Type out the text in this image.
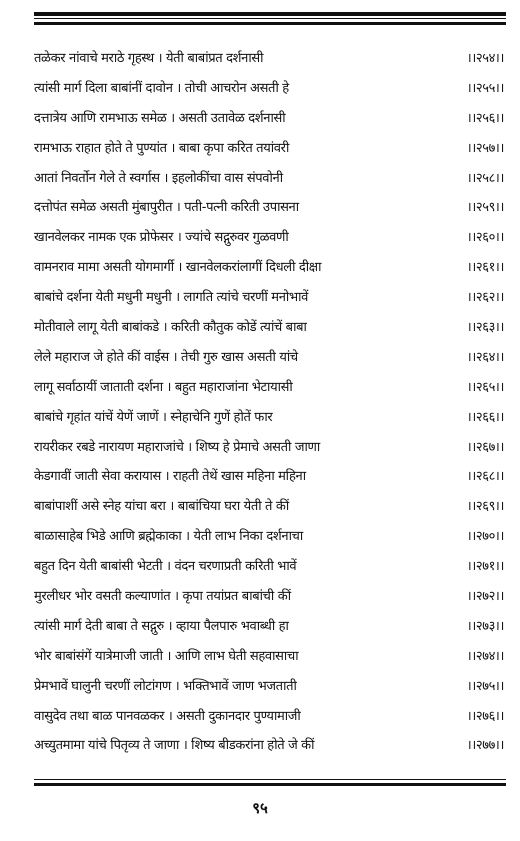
तळेकर नांवाचे मराठे गृहस्थ । येती बाबांप्रत दर्शनासी	।।२५४।।
त्यांसी मार्ग दिला बाबांनीं दावोन । तोची आचरोन असती हे	।।२५५।।
दत्तात्रेय आणि रामभाऊ समेळ । असती उतावेळ दर्शनासी	।।२५६।।
रामभाऊ राहात होते ते पुण्यांत । बाबा कृपा करित तयांवरी	।।२५७।।
आतां निवर्तोन गेले ते स्वर्गास । इहलोकींचा वास संपवोनी	।।२५८।।
दत्तोपंत समेळ असती मुंबापुरीत । पती-पत्नी करिती उपासना	।।२५९।।
खानवेलकर नामक एक प्रोफेसर । ज्यांचे सद्गुरुवर गुळवणी	।।२६०।।
वामनराव मामा असती योगमार्गी । खानवेलकरांलागीं दिधली दीक्षा	।।२६१।।
बाबांचे दर्शना येती मधुनी मधुनी । लागति त्यांचे चरणीं मनोभावें	।।२६२।।
मोतीवाले लागू येती बाबांकडे । करिती कौतुक कोडें त्यांचें बाबा	।।२६३।।
लेले महाराज जे होते कीं वाईस । तेची गुरु खास असती यांचे	।।२६४।।
लागू सर्वाठायीं जाताती दर्शना । बहुत महाराजांना भेटायासी	।।२६५।।
बाबांचे गृहांत यांचें येणें जाणें । स्नेहाचेनि गुणें होतें फार	।।२६६।।
रायरीकर रबडे नारायण महाराजांचे । शिष्य हे प्रेमाचे असती जाणा	।।२६७।।
केडगावीं जाती सेवा करायास । राहती तेथें खास महिना महिना	।।२६८।।
बाबांपाशीं असे स्नेह यांचा बरा । बाबांचिया घरा येती ते कीं	।।२६९।।
बाळासाहेब भिडे आणि ब्रह्मेकाका । येती लाभ निका दर्शनाचा	।।२७०।।
बहुत दिन येती बाबांसी भेटती । वंदन चरणाप्रती करिती भावें	।।२७१।।
मुरलीधर भोर वसती कल्याणांत । कृपा तयांप्रत बाबांची कीं	।।२७२।।
त्यांसी मार्ग देती बाबा ते सद्गुरु । व्हाया पैलपारु भवाब्धी हा	।।२७३।।
भोर बाबांसंगें यात्रेमाजी जाती । आणि लाभ घेती सहवासाचा	।।२७४।।
प्रेमभावें घालुनी चरणीं लोटांगण । भक्तिभावें जाण भजताती	।।२७५।।
वासुदेव तथा बाळ पानवळकर । असती दुकानदार पुण्यामाजी	।।२७६।।
अच्युतमामा यांचे पितृव्य ते जाणा । शिष्य बीडकरांना होते जे कीं	।।२७७।।
९५
